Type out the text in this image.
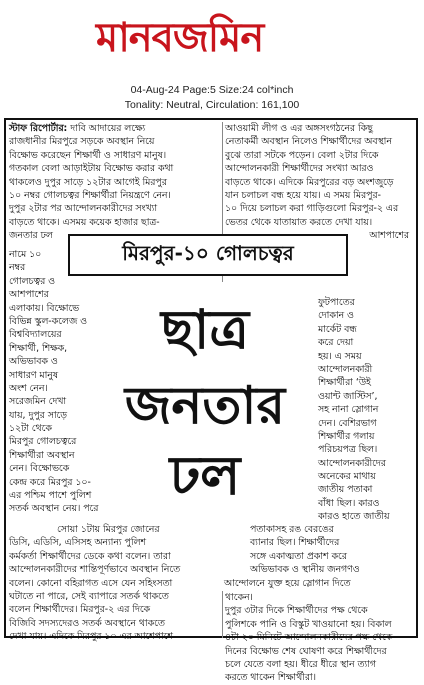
মানবজমিন
04-Aug-24 Page:5 Size:24 col*inch
Tonality: Neutral, Circulation: 161,100
স্টাফ রিপোর্টার: দাবি আদায়ের লক্ষ্যে
রাজধানীর মিরপুরে সড়কে অবস্থান নিয়ে
বিক্ষোভ করেছেন শিক্ষার্থী ও সাধারণ মানুষ।
গতকাল বেলা আড়াইটায় বিক্ষোভ করার কথা
থাকলেও দুপুর সাড়ে ১২টার আগেই মিরপুর
১০ নম্বর গোলচত্বর শিক্ষার্থীরা নিয়ন্ত্রণে নেন।
দুপুর ২টার পর আন্দোলনকারীদের সংখ্যা
বাড়তে থাকে। এসময় কয়েক হাজার ছাত্র-
জনতার ঢল
আওয়ামী লীগ ও এর অঙ্গসংগঠনের কিছু
নেতাকর্মী অবস্থান নিলেও শিক্ষার্থীদের অবস্থান
বুঝে তারা সটকে পড়েন। বেলা ২টার দিকে
আন্দোলনকারী শিক্ষার্থীদের সংখ্যা আরও
বাড়তে থাকে। এদিকে মিরপুরের বড় অংশজুড়ে
যান চলাচল বন্ধ হয়ে যায়। এ সময় মিরপুর-
১০ দিয়ে চলাচল করা গাড়িগুলো মিরপুর-২ এর
ভেতর থেকে যাতায়াত করতে দেখা যায়।
আশপাশের
নামে ১০
নম্বর
গোলচত্বর ও
আশপাশের
এলাকায়। বিক্ষোভে
বিভিন্ন স্কুল-কলেজ ও
বিশ্ববিদ্যালয়ের
শিক্ষার্থী, শিক্ষক,
অভিভাবক ও
সাধারণ মানুষ
অংশ নেন।
সরেজমিন দেখা
যায়, দুপুর সাড়ে
১২টা থেকে
মিরপুর গোলচত্বরে
শিক্ষার্থীরা অবস্থান
নেন। বিক্ষোভকে
কেন্দ্র করে মিরপুর ১০-
এর পশ্চিম পাশে পুলিশ
সতর্ক অবস্থান নেয়। পরে
ফুটপাতের
দোকান ও
মার্কেট বন্ধ
করে দেয়া
হয়। এ সময়
আন্দোলনকারী
শিক্ষার্থীরা ‘উই
ওয়ান্ট জাস্টিস’,
সহ নানা স্লোগান
দেন। বেশিরভাগ
শিক্ষার্থীর গলায়
পরিচয়পত্র ছিল।
আন্দোলনকারীদের
অনেকের মাথায়
জাতীয় পতাকা
বাঁধা ছিল। কারও
কারও হাতে জাতীয়
পতাকাসহ রঙ বেরঙের
ব্যানার ছিল। শিক্ষার্থীদের
সঙ্গে একাত্মতা প্রকাশ করে
অভিভাবক ও স্থানীয় জনগণও
আন্দোলনে যুক্ত হয়ে স্লোগান দিতে
সোয়া ১টায় মিরপুর জোনের
ডিসি, এডিসি, এসিসহ অন্যান্য পুলিশ
কর্মকর্তা শিক্ষার্থীদের ডেকে কথা বলেন। তারা
আন্দোলনকারীদের শান্তিপূর্ণভাবে অবস্থান নিতে
বলেন। কোনো বহিরাগত এসে যেন সহিংসতা
ঘটাতে না পারে, সেই ব্যাপারে সতর্ক থাকতে
বলেন শিক্ষার্থীদের। মিরপুর-২ এর দিকে
বিজিবি সদস্যদেরও সতর্ক অবস্থানে থাকতে
দেখা যায়। এদিকে মিরপুর ১০ এর আশেপাশে
থাকেন।
দুপুর ৩টার দিকে শিক্ষার্থীদের পক্ষ থেকে
পুলিশকে পানি ও বিস্কুট খাওয়ানো হয়। বিকাল
৪টা ২০ মিনিটে আন্দোলনকারীদের পক্ষ থেকে
দিনের বিক্ষোভ শেষ ঘোষণা করে শিক্ষার্থীদের
চলে যেতে বলা হয়। ধীরে ধীরে স্থান ত্যাগ
করতে থাকেন শিক্ষার্থীরা।
মিরপুর-১০ গোলচত্বর
ছাত্র
জনতার
ঢল
